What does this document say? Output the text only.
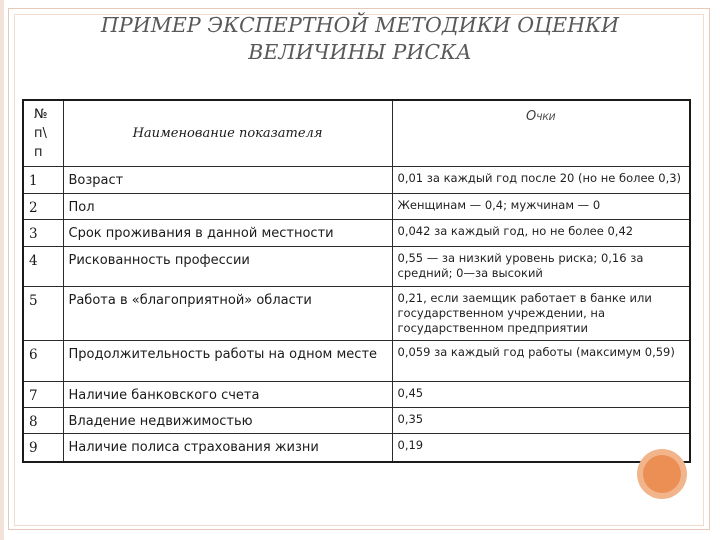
ПРИМЕР ЭКСПЕРТНОЙ МЕТОДИКИ ОЦЕНКИ
ВЕЛИЧИНЫ РИСКА
№ п\ п	Наименование показателя	Очки
1	Возраст	0,01 за каждый год после 20 (но не более 0,3)
2	Пол	Женщинам — 0,4; мужчинам — 0
3	Срок проживания в данной местности	0,042 за каждый год, но не более 0,42
4	Рискованность профессии	0,55 — за низкий уровень риска; 0,16 за средний; 0—за высокий
5	Работа в «благоприятной» области	0,21, если заемщик работает в банке или государственном учреждении, на государственном предприятии
6	Продолжительность работы на одном месте	0,059 за каждый год работы (максимум 0,59)
7	Наличие банковского счета	0,45
8	Владение недвижимостью	0,35
9	Наличие полиса страхования жизни	0,19
